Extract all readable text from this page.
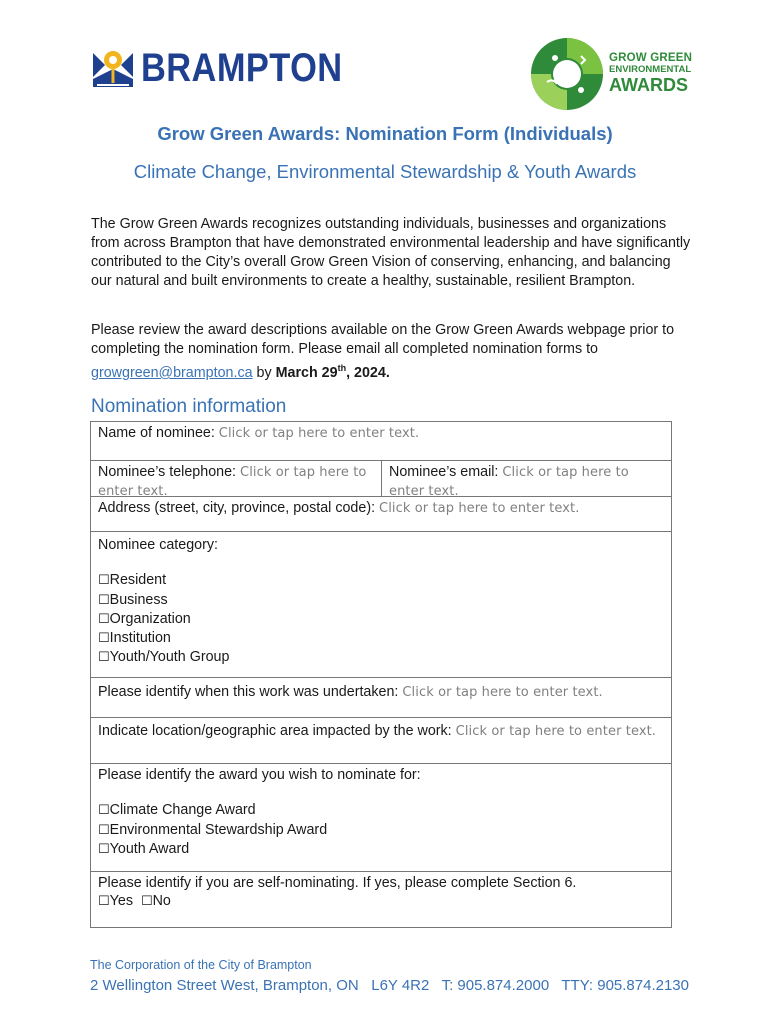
BRAMPTON	GROW GREEN
ENVIRONMENTAL
AWARDS
Grow Green Awards: Nomination Form (Individuals)
Climate Change, Environmental Stewardship & Youth Awards

The Grow Green Awards recognizes outstanding individuals, businesses and organizations from across Brampton that have demonstrated environmental leadership and have significantly contributed to the City’s overall Grow Green Vision of conserving, enhancing, and balancing our natural and built environments to create a healthy, sustainable, resilient Brampton.

Please review the award descriptions available on the Grow Green Awards webpage prior to completing the nomination form. Please email all completed nomination forms to growgreen@brampton.ca by March 29th, 2024.

Nomination information
Name of nominee: Click or tap here to enter text.
Nominee’s telephone: Click or tap here to enter text.
Nominee’s email: Click or tap here to enter text.
Address (street, city, province, postal code): Click or tap here to enter text.
Nominee category:
☐Resident
☐Business
☐Organization
☐Institution
☐Youth/Youth Group
Please identify when this work was undertaken: Click or tap here to enter text.
Indicate location/geographic area impacted by the work: Click or tap here to enter text.
Please identify the award you wish to nominate for:
☐Climate Change Award
☐Environmental Stewardship Award
☐Youth Award
Please identify if you are self-nominating. If yes, please complete Section 6.
☐Yes ☐No
The Corporation of the City of Brampton
2 Wellington Street West, Brampton, ON   L6Y 4R2   T: 905.874.2000   TTY: 905.874.2130
